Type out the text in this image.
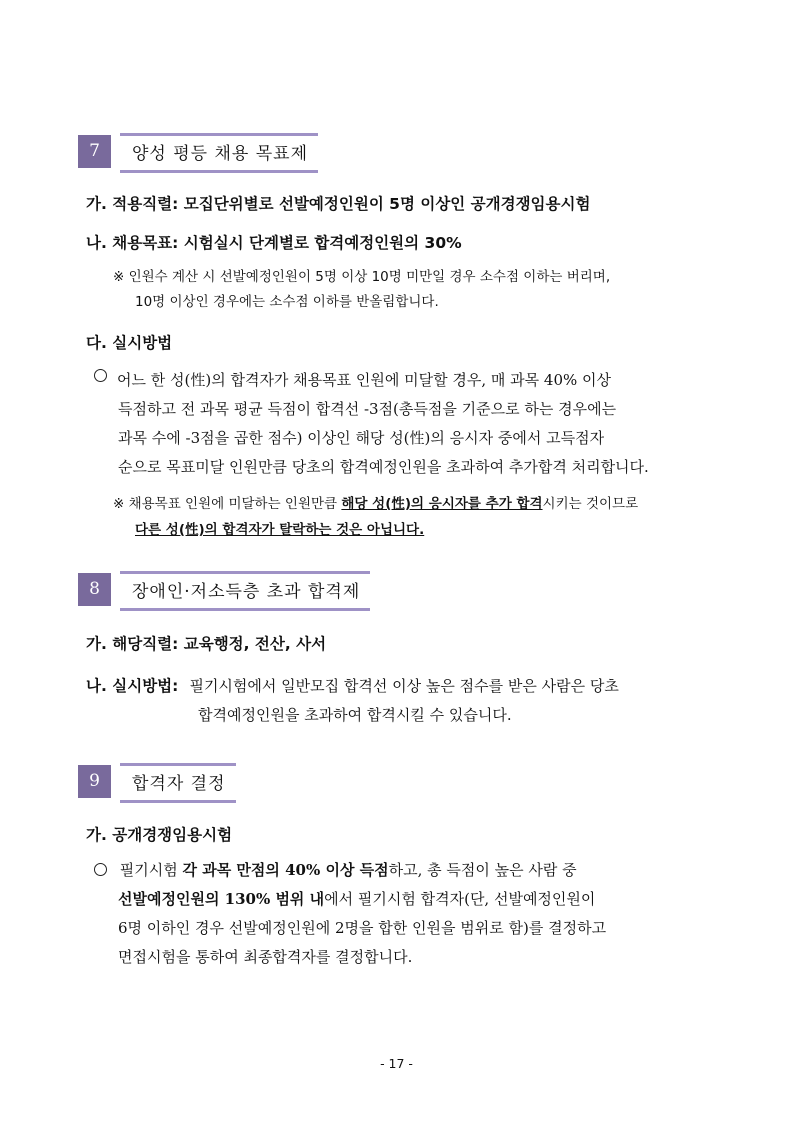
7	양성 평등 채용 목표제
가. 적용직렬: 모집단위별로 선발예정인원이 5명 이상인 공개경쟁임용시험
나. 채용목표: 시험실시 단계별로 합격예정인원의 30%
※ 인원수 계산 시 선발예정인원이 5명 이상 10명 미만일 경우 소수점 이하는 버리며,
10명 이상인 경우에는 소수점 이하를 반올림합니다.
다. 실시방법
어느 한 성(性)의 합격자가 채용목표 인원에 미달할 경우, 매 과목 40% 이상
득점하고 전 과목 평균 득점이 합격선 -3점(총득점을 기준으로 하는 경우에는
과목 수에 -3점을 곱한 점수) 이상인 해당 성(性)의 응시자 중에서 고득점자
순으로 목표미달 인원만큼 당초의 합격예정인원을 초과하여 추가합격 처리합니다.
※ 채용목표 인원에 미달하는 인원만큼 해당 성(性)의 응시자를 추가 합격시키는 것이므로
다른 성(性)의 합격자가 탈락하는 것은 아닙니다.
8	장애인·저소득층 초과 합격제
가. 해당직렬: 교육행정, 전산, 사서
나. 실시방법: 필기시험에서 일반모집 합격선 이상 높은 점수를 받은 사람은 당초
합격예정인원을 초과하여 합격시킬 수 있습니다.
9	합격자 결정
가. 공개경쟁임용시험
필기시험 각 과목 만점의 40% 이상 득점하고, 총 득점이 높은 사람 중
선발예정인원의 130% 범위 내에서 필기시험 합격자(단, 선발예정인원이
6명 이하인 경우 선발예정인원에 2명을 합한 인원을 범위로 함)를 결정하고
면접시험을 통하여 최종합격자를 결정합니다.
- 17 -
